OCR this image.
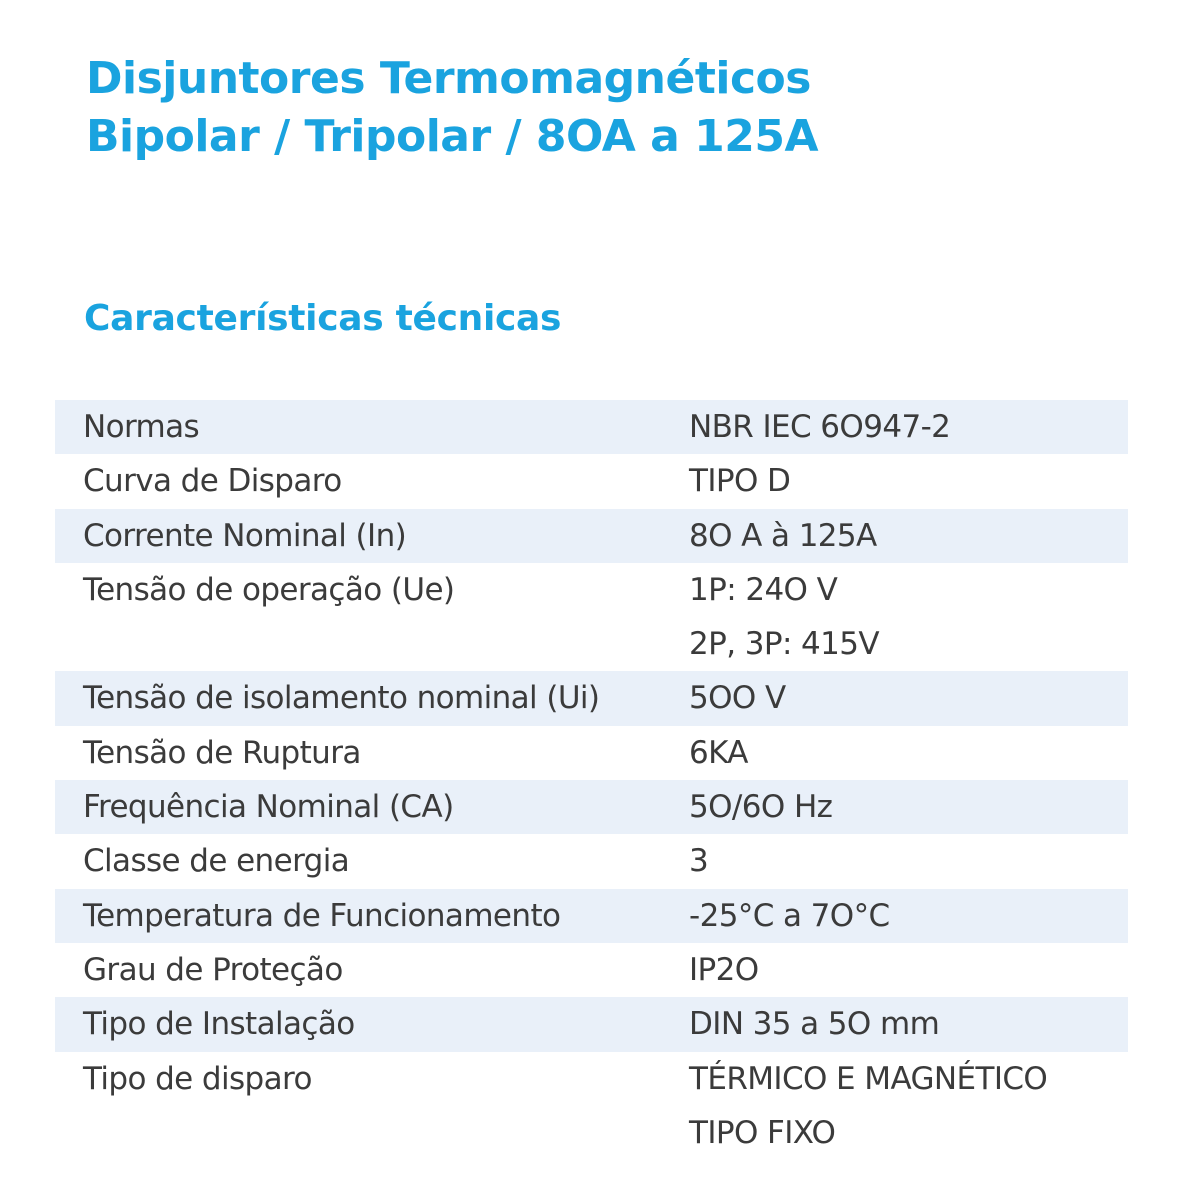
Disjuntores Termomagnéticos
Bipolar / Tripolar / 8OA a 125A
Características técnicas
Normas	NBR IEC 6O947-2
Curva de Disparo	TIPO D
Corrente Nominal (In)	8O A à 125A
Tensão de operação (Ue)	1P: 24O V
2P, 3P: 415V
Tensão de isolamento nominal (Ui)	5OO V
Tensão de Ruptura	6KA
Frequência Nominal (CA)	5O/6O Hz
Classe de energia	3
Temperatura de Funcionamento	-25°C a 7O°C
Grau de Proteção	IP2O
Tipo de Instalação	DIN 35 a 5O mm
Tipo de disparo	TÉRMICO E MAGNÉTICO
TIPO FIXO
